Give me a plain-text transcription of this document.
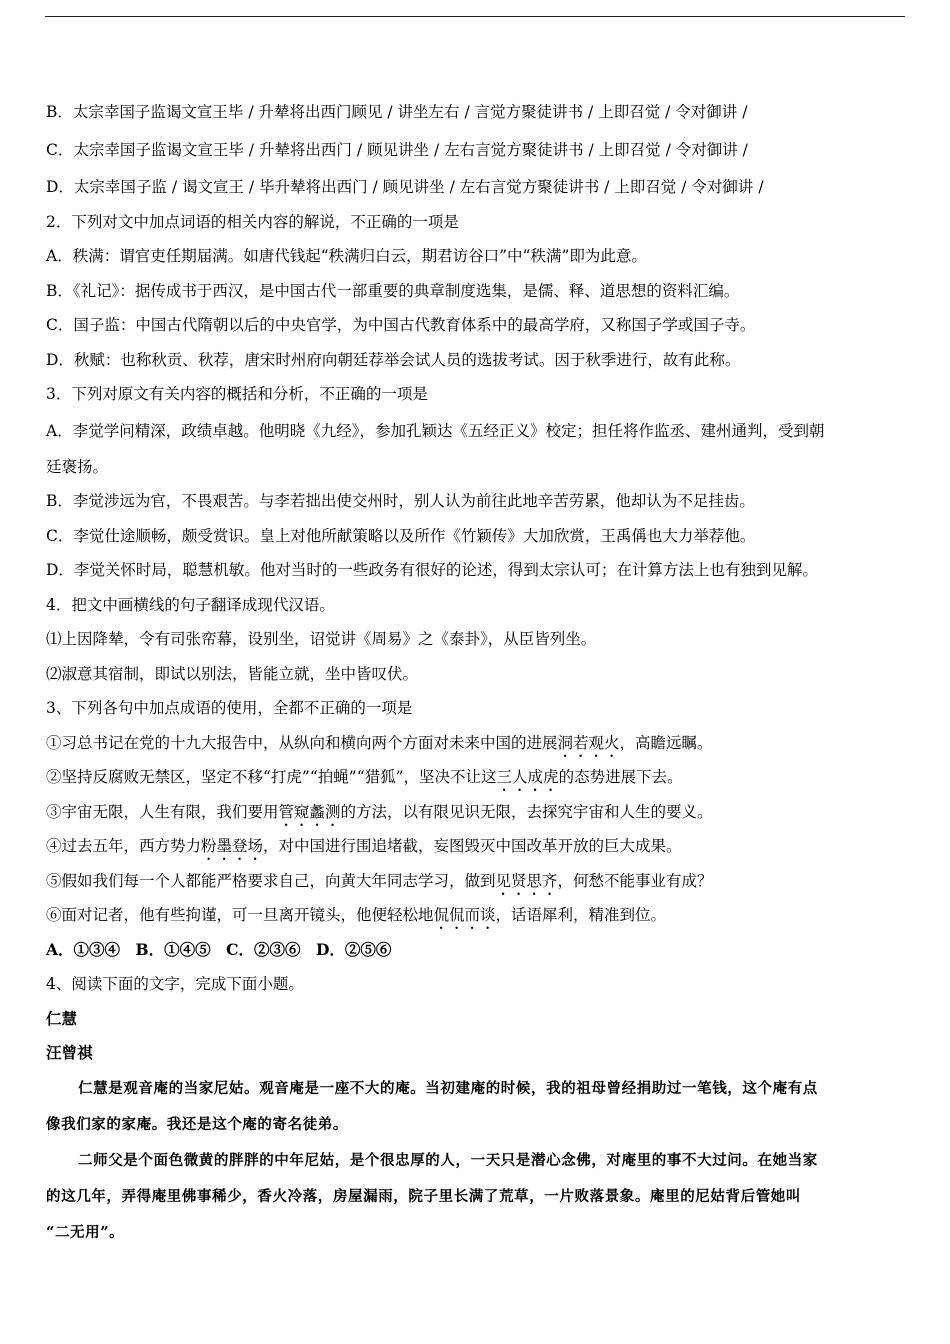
B．太宗幸国子监谒文宣王毕 / 升辇将出西门顾见 / 讲坐左右 / 言觉方聚徒讲书 / 上即召觉 / 令对御讲 /
C．太宗幸国子监谒文宣王毕 / 升辇将出西门 / 顾见讲坐 / 左右言觉方聚徒讲书 / 上即召觉 / 令对御讲 /
D．太宗幸国子监 / 谒文宣王 / 毕升辇将出西门 / 顾见讲坐 / 左右言觉方聚徒讲书 / 上即召觉 / 令对御讲 /
2．下列对文中加点词语的相关内容的解说，不正确的一项是
A．秩满：谓官吏任期届满。如唐代钱起“秩满归白云，期君访谷口”中“秩满”即为此意。
B．《礼记》：据传成书于西汉，是中国古代一部重要的典章制度选集，是儒、释、道思想的资料汇编。
C．国子监：中国古代隋朝以后的中央官学，为中国古代教育体系中的最高学府，又称国子学或国子寺。
D．秋赋：也称秋贡、秋荐，唐宋时州府向朝廷荐举会试人员的选拔考试。因于秋季进行，故有此称。
3．下列对原文有关内容的概括和分析，不正确的一项是
A．李觉学问精深，政绩卓越。他明晓《九经》，参加孔颖达《五经正义》校定；担任将作监丞、建州通判，受到朝
廷褒扬。
B．李觉涉远为官，不畏艰苦。与李若拙出使交州时，别人认为前往此地辛苦劳累，他却认为不足挂齿。
C．李觉仕途顺畅，颇受赏识。皇上对他所献策略以及所作《竹颖传》大加欣赏，王禹偁也大力举荐他。
D．李觉关怀时局，聪慧机敏。他对当时的一些政务有很好的论述，得到太宗认可；在计算方法上也有独到见解。
4．把文中画横线的句子翻译成现代汉语。
⑴上因降辇，令有司张帟幕，设别坐，诏觉讲《周易》之《泰卦》，从臣皆列坐。
⑵淑意其宿制，即试以别法，皆能立就，坐中皆叹伏。
3、下列各句中加点成语的使用，全都不正确的一项是
①习总书记在党的十九大报告中，从纵向和横向两个方面对未来中国的进展洞若观火，高瞻远瞩。
②坚持反腐败无禁区，坚定不移“打虎”“拍蝇”“猎狐”，坚决不让这三人成虎的态势进展下去。
③宇宙无限，人生有限，我们要用管窥蠡测的方法，以有限见识无限，去探究宇宙和人生的要义。
④过去五年，西方势力粉墨登场，对中国进行围追堵截，妄图毁灭中国改革开放的巨大成果。
⑤假如我们每一个人都能严格要求自己，向黄大年同志学习，做到见贤思齐，何愁不能事业有成？
⑥面对记者，他有些拘谨，可一旦离开镜头，他便轻松地侃侃而谈，话语犀利，精准到位。
A．①③④　B．①④⑤　C．②③⑥　D．②⑤⑥
4、阅读下面的文字，完成下面小题。
仁慧
汪曾祺
仁慧是观音庵的当家尼姑。观音庵是一座不大的庵。当初建庵的时候，我的祖母曾经捐助过一笔钱，这个庵有点
像我们家的家庵。我还是这个庵的寄名徒弟。
二师父是个面色微黄的胖胖的中年尼姑，是个很忠厚的人，一天只是潜心念佛，对庵里的事不大过问。在她当家
的这几年，弄得庵里佛事稀少，香火冷落，房屋漏雨，院子里长满了荒草，一片败落景象。庵里的尼姑背后管她叫
“二无用”。
